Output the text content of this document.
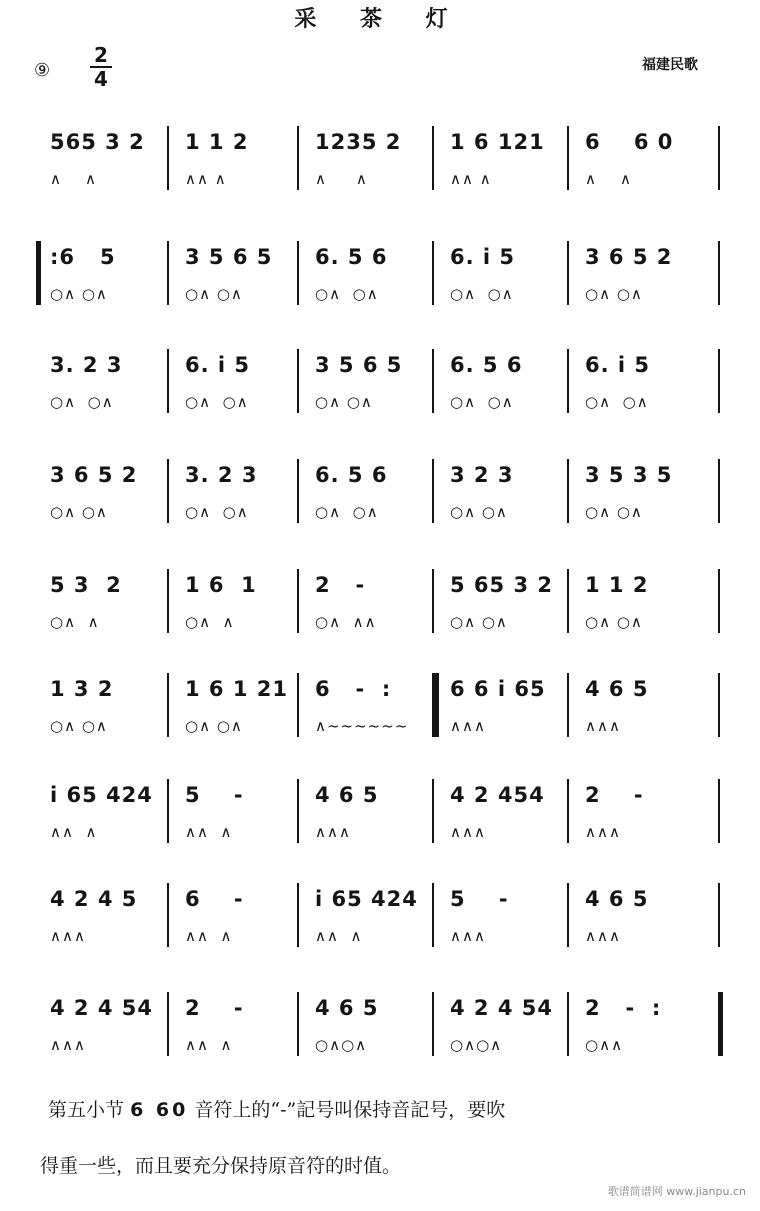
采 茶 灯
⑨
2
4
福建民歌
565 3 2
∧    ∧
1 1 2
∧∧ ∧
1235 2
∧     ∧
1 6 121
∧∧ ∧
6    6 0
∧    ∧
:6   5
○∧ ○∧
3 5 6 5
○∧ ○∧
6. 5 6
○∧  ○∧
6. i 5
○∧  ○∧
3 6 5 2
○∧ ○∧
3. 2 3
○∧  ○∧
6. i 5
○∧  ○∧
3 5 6 5
○∧ ○∧
6. 5 6
○∧  ○∧
6. i 5
○∧  ○∧
3 6 5 2
○∧ ○∧
3. 2 3
○∧  ○∧
6. 5 6
○∧  ○∧
3 2 3
○∧ ○∧
3 5 3 5
○∧ ○∧
5 3  2
○∧  ∧
1 6  1
○∧  ∧
2   -
○∧  ∧∧
5 65 3 2
○∧ ○∧
1 1 2
○∧ ○∧
1 3 2
○∧ ○∧
1 6 1 21
○∧ ○∧
6   -  :
∧~~~~~~
6 6 i 65
∧∧∧
4 6 5
∧∧∧
i 65 424
∧∧  ∧
5    -
∧∧  ∧
4 6 5
∧∧∧
4 2 454
∧∧∧
2    -
∧∧∧
4 2 4 5
∧∧∧
6    -
∧∧  ∧
i 65 424
∧∧  ∧
5    -
∧∧∧
4 6 5
∧∧∧
4 2 4 54
∧∧∧
2    -
∧∧  ∧
4 6 5
○∧○∧
4 2 4 54
○∧○∧
2   -  :
○∧∧
第五小节 6 60 音符上的“-”記号叫保持音記号，要吹
得重一些，而且要充分保持原音符的时值。
歌谱简谱网 www.jianpu.cn
